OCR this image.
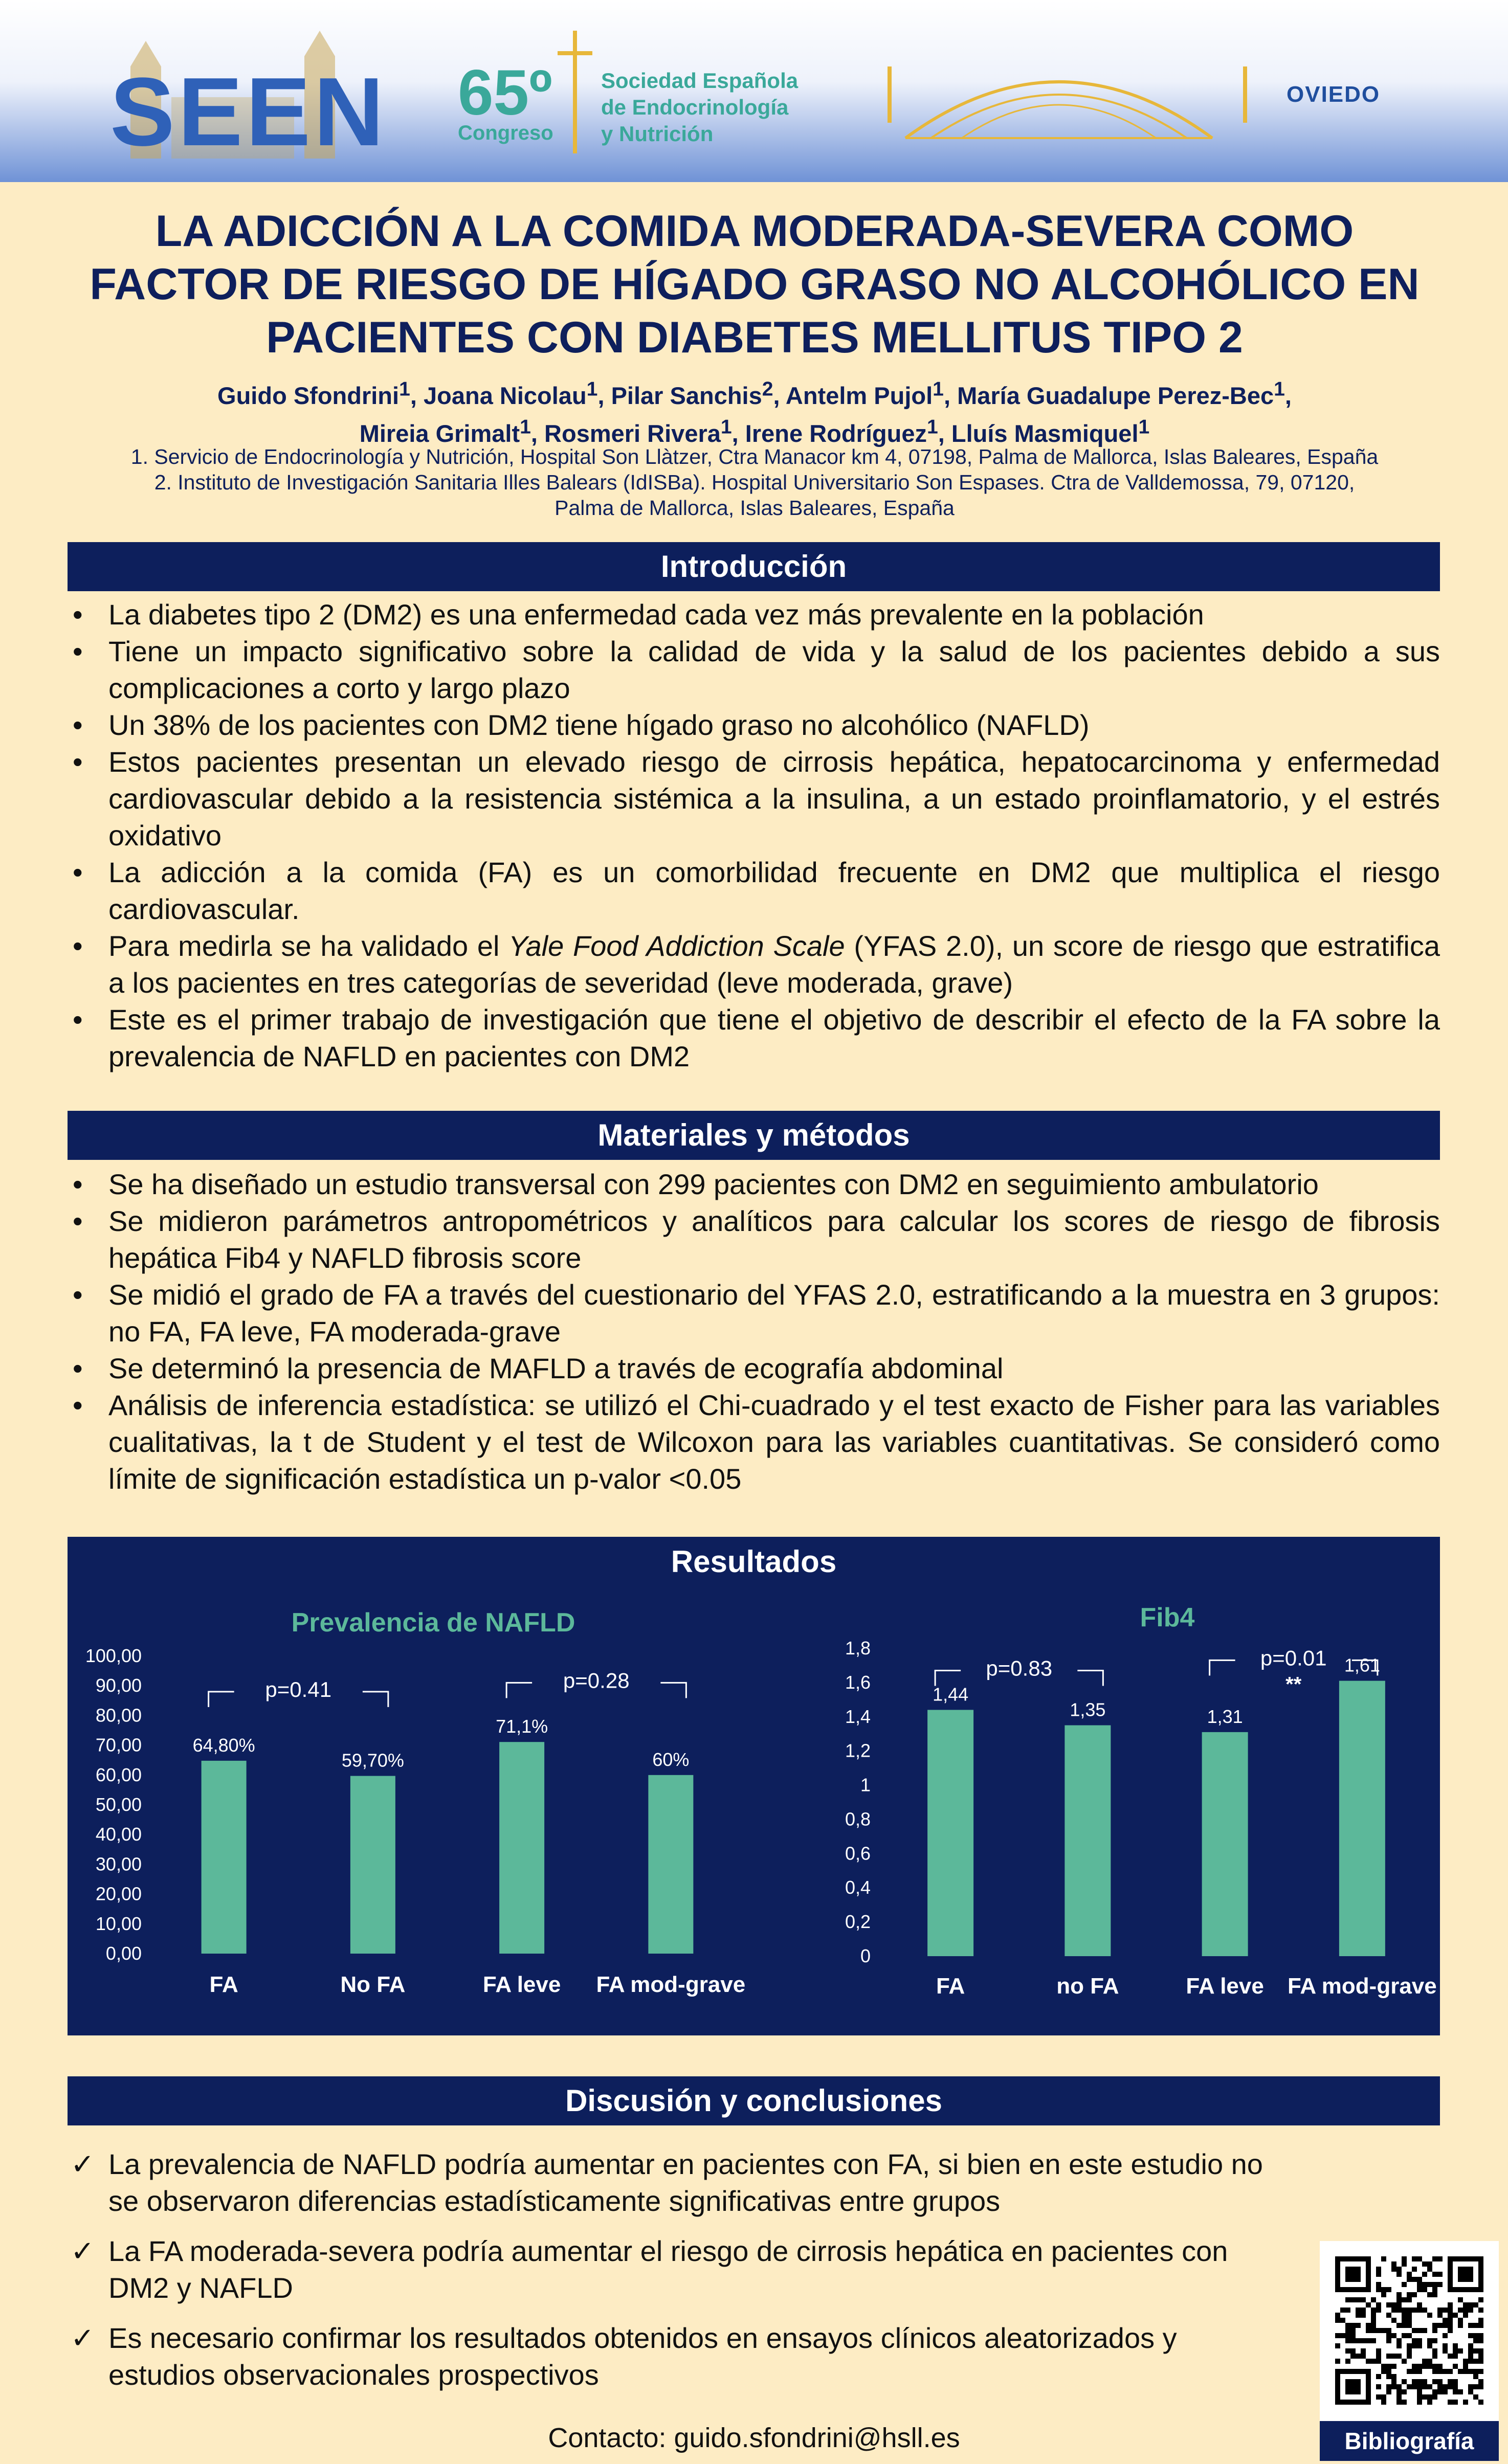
SEEN 65º
Congreso
Sociedad Española
de Endocrinología
y Nutrición
OVIEDO
LA ADICCIÓN A LA COMIDA MODERADA-SEVERA COMO FACTOR DE RIESGO DE HÍGADO GRASO NO ALCOHÓLICO EN PACIENTES CON DIABETES MELLITUS TIPO 2
Guido Sfondrini$^1$, Joana Nicolau$^1$, Pilar Sanchis$^2$, Antelm Pujol$^1$, María Guadalupe Perez-Bec$^1$,
Mireia Grimalt$^1$, Rosmeri Rivera$^1$, Irene Rodríguez$^1$, Lluís Masmiquel$^1$
1. Servicio de Endocrinología y Nutrición, Hospital Son Llàtzer, Ctra Manacor km 4, 07198, Palma de Mallorca, Islas Baleares, España
2. Instituto de Investigación Sanitaria Illes Balears (IdISBa). Hospital Universitario Son Espases. Ctra de Valldemossa, 79, 07120,
Palma de Mallorca, Islas Baleares, España
Introducción
• La diabetes tipo 2 (DM2) es una enfermedad cada vez más prevalente en la población
• Tiene un impacto significativo sobre la calidad de vida y la salud de los pacientes debido a sus complicaciones a corto y largo plazo
• Un 38% de los pacientes con DM2 tiene hígado graso no alcohólico (NAFLD)
• Estos pacientes presentan un elevado riesgo de cirrosis hepática, hepatocarcinoma y enfermedad cardiovascular debido a la resistencia sistémica a la insulina, a un estado proinflamatorio, y el estrés oxidativo
• La adicción a la comida (FA) es un comorbilidad frecuente en DM2 que multiplica el riesgo cardiovascular.
• Para medirla se ha validado el Yale Food Addiction Scale (YFAS 2.0), un score de riesgo que estratifica a los pacientes en tres categorías de severidad (leve moderada, grave)
• Este es el primer trabajo de investigación que tiene el objetivo de describir el efecto de la FA sobre la prevalencia de NAFLD en pacientes con DM2
Materiales y métodos
• Se ha diseñado un estudio transversal con 299 pacientes con DM2 en seguimiento ambulatorio
• Se midieron parámetros antropométricos y analíticos para calcular los scores de riesgo de fibrosis hepática Fib4 y NAFLD fibrosis score
• Se midió el grado de FA a través del cuestionario del YFAS 2.0, estratificando a la muestra en 3 grupos: no FA, FA leve, FA moderada-grave
• Se determinó la presencia de MAFLD a través de ecografía abdominal
• Análisis de inferencia estadística: se utilizó el Chi-cuadrado y el test exacto de Fisher para las variables cualitativas, la t de Student y el test de Wilcoxon para las variables cuantitativas. Se consideró como límite de significación estadística un p-valor <0.05
Resultados
Prevalencia de NAFLD
0,00
10,00
20,00
30,00
40,00
50,00
60,00
70,00
80,00
90,00
100,00
64,80%
FA
59,70%
No FA
71,1%
FA leve
60%
FA mod-grave
p=0.41	p=0.28
Fib4
0
0,2
0,4
0,6
0,8
1
1,2
1,4
1,6
1,8
1,44
FA
1,35
no FA
1,31
FA leve
1,61
FA mod-grave
p=0.83	p=0.01
**
Discusión y conclusiones
✓ La prevalencia de NAFLD podría aumentar en pacientes con FA, si bien en este estudio no se observaron diferencias estadísticamente significativas entre grupos
✓ La FA moderada-severa podría aumentar el riesgo de cirrosis hepática en pacientes con DM2 y NAFLD
✓ Es necesario confirmar los resultados obtenidos en ensayos clínicos aleatorizados y estudios observacionales prospectivos
Contacto: guido.sfondrini@hsll.es	Bibliografía
